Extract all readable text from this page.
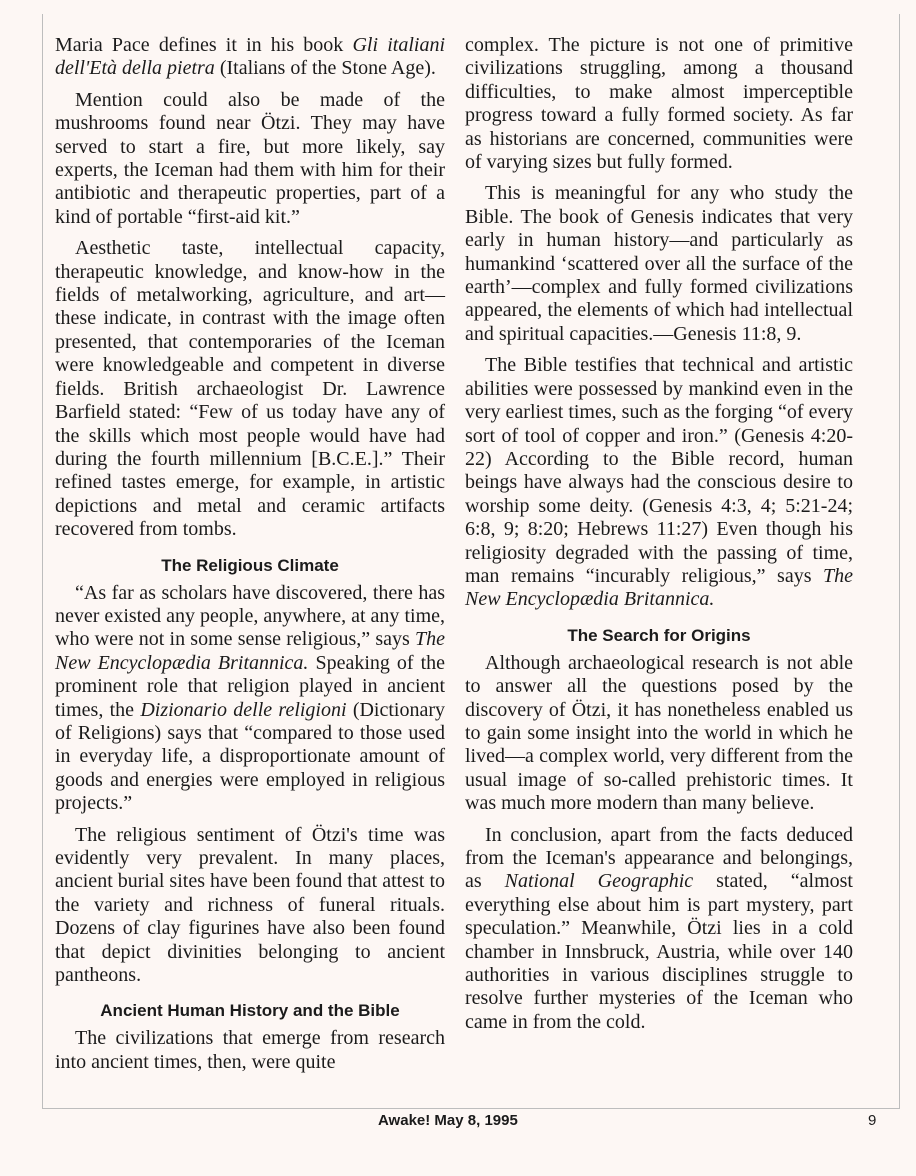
Maria Pace defines it in his book Gli italiani dell'Età della pietra (Italians of the Stone Age).

Mention could also be made of the mushrooms found near Ötzi. They may have served to start a fire, but more likely, say experts, the Iceman had them with him for their antibiotic and therapeutic properties, part of a kind of portable “first-aid kit.”

Aesthetic taste, intellectual capacity, therapeutic knowledge, and know-how in the fields of metalworking, agriculture, and art—these indicate, in contrast with the image often presented, that contemporaries of the Iceman were knowledgeable and competent in diverse fields. British archaeologist Dr. Lawrence Barfield stated: “Few of us today have any of the skills which most people would have had during the fourth millennium [B.C.E.].” Their refined tastes emerge, for example, in artistic depictions and metal and ceramic artifacts recovered from tombs.

The Religious Climate

“As far as scholars have discovered, there has never existed any people, anywhere, at any time, who were not in some sense religious,” says The New Encyclopædia Britannica. Speaking of the prominent role that religion played in ancient times, the Dizionario delle religioni (Dictionary of Religions) says that “compared to those used in everyday life, a disproportionate amount of goods and energies were employed in religious projects.”

The religious sentiment of Ötzi's time was evidently very prevalent. In many places, ancient burial sites have been found that attest to the variety and richness of funeral rituals. Dozens of clay figurines have also been found that depict divinities belonging to ancient pantheons.

Ancient Human History and the Bible

The civilizations that emerge from research into ancient times, then, were quite

complex. The picture is not one of primitive civilizations struggling, among a thousand difficulties, to make almost imperceptible progress toward a fully formed society. As far as historians are concerned, communities were of varying sizes but fully formed.

This is meaningful for any who study the Bible. The book of Genesis indicates that very early in human history—and particularly as humankind ‘scattered over all the surface of the earth’—complex and fully formed civilizations appeared, the elements of which had intellectual and spiritual capacities.—Genesis 11:8, 9.

The Bible testifies that technical and artistic abilities were possessed by mankind even in the very earliest times, such as the forging “of every sort of tool of copper and iron.” (Genesis 4:20-22) According to the Bible record, human beings have always had the conscious desire to worship some deity. (Genesis 4:3, 4; 5:21-24; 6:8, 9; 8:20; Hebrews 11:27) Even though his religiosity degraded with the passing of time, man remains “incurably religious,” says The New Encyclopædia Britannica.

The Search for Origins

Although archaeological research is not able to answer all the questions posed by the discovery of Ötzi, it has nonetheless enabled us to gain some insight into the world in which he lived—a complex world, very different from the usual image of so-called prehistoric times. It was much more modern than many believe.

In conclusion, apart from the facts deduced from the Iceman's appearance and belongings, as National Geographic stated, “almost everything else about him is part mystery, part speculation.” Meanwhile, Ötzi lies in a cold chamber in Innsbruck, Austria, while over 140 authorities in various disciplines struggle to resolve further mysteries of the Iceman who came in from the cold.

Awake! May 8, 1995	9
